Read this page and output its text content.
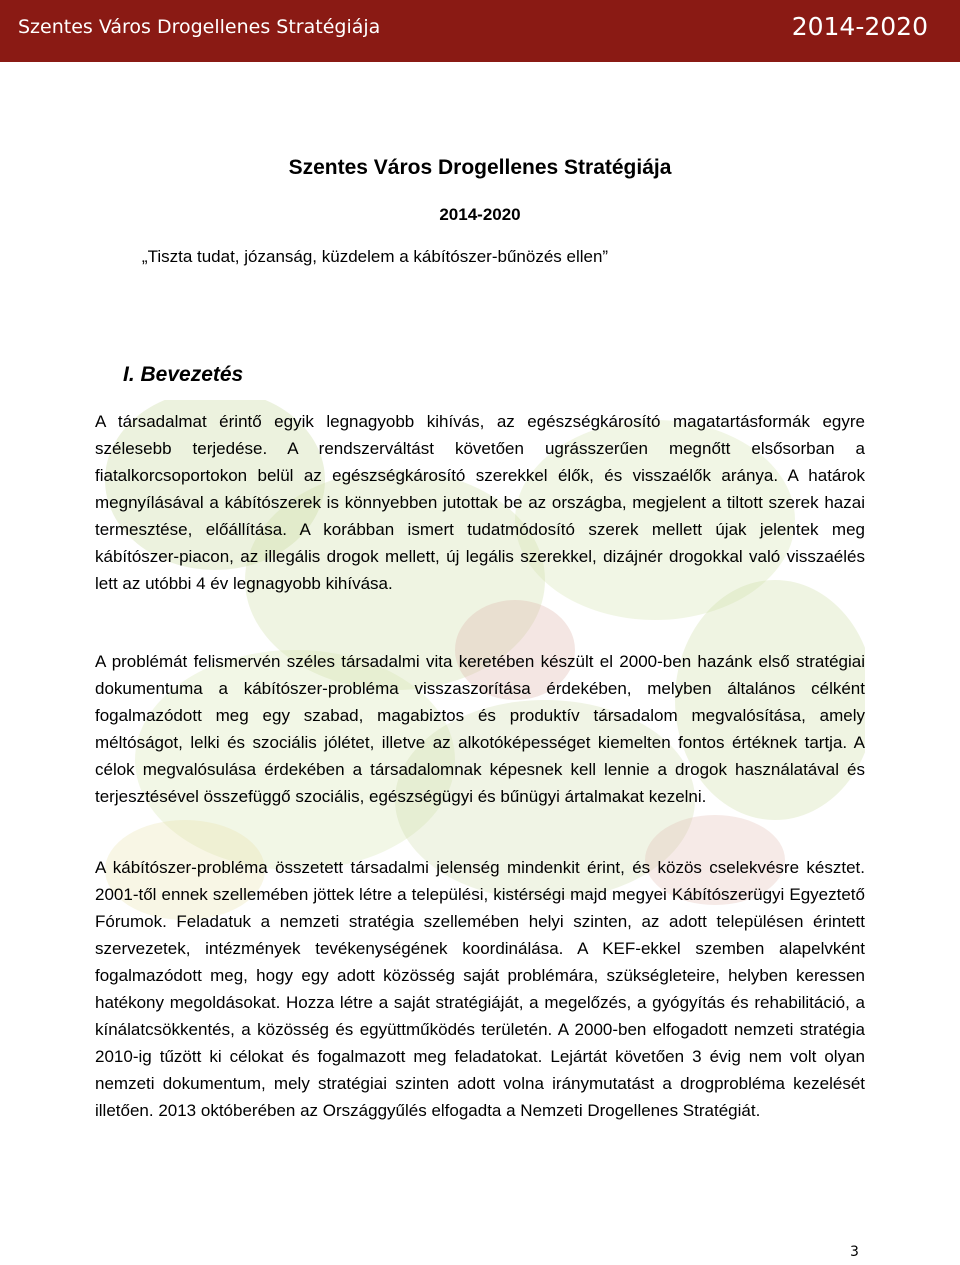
Szentes Város Drogellenes Stratégiája	2014-2020
Szentes Város Drogellenes Stratégiája

2014-2020

„Tiszta tudat, józanság, küzdelem a kábítószer-bűnözés ellen”

I. Bevezetés

A társadalmat érintő egyik legnagyobb kihívás, az egészségkárosító magatartásformák egyre szélesebb terjedése. A rendszerváltást követően ugrásszerűen megnőtt elsősorban a fiatalkorcsoportokon belül az egészségkárosító szerekkel élők, és visszaélők aránya. A határok megnyílásával a kábítószerek is könnyebben jutottak be az országba, megjelent a tiltott szerek hazai termesztése, előállítása. A korábban ismert tudatmódosító szerek mellett újak jelentek meg kábítószer-piacon, az illegális drogok mellett, új legális szerekkel, dizájnér drogokkal való visszaélés lett az utóbbi 4 év legnagyobb kihívása.

A problémát felismervén széles társadalmi vita keretében készült el 2000-ben hazánk első stratégiai dokumentuma a kábítószer-probléma visszaszorítása érdekében, melyben általános célként fogalmazódott meg egy szabad, magabiztos és produktív társadalom megvalósítása, amely méltóságot, lelki és szociális jólétet, illetve az alkotóképességet kiemelten fontos értéknek tartja. A célok megvalósulása érdekében a társadalomnak képesnek kell lennie a drogok használatával és terjesztésével összefüggő szociális, egészségügyi és bűnügyi ártalmakat kezelni.

A kábítószer-probléma összetett társadalmi jelenség mindenkit érint, és közös cselekvésre késztet. 2001-től ennek szellemében jöttek létre a települési, kistérségi majd megyei Kábítószerügyi Egyeztető Fórumok. Feladatuk a nemzeti stratégia szellemében helyi szinten, az adott településen érintett szervezetek, intézmények tevékenységének koordinálása. A KEF-ekkel szemben alapelvként fogalmazódott meg, hogy egy adott közösség saját problémára, szükségleteire, helyben keressen hatékony megoldásokat. Hozza létre a saját stratégiáját, a megelőzés, a gyógyítás és rehabilitáció, a kínálatcsökkentés, a közösség és együttműködés területén. A 2000-ben elfogadott nemzeti stratégia 2010-ig tűzött ki célokat és fogalmazott meg feladatokat. Lejártát követően 3 évig nem volt olyan nemzeti dokumentum, mely stratégiai szinten adott volna iránymutatást a drogprobléma kezelését illetően. 2013 októberében az Országgyűlés elfogadta a Nemzeti Drogellenes Stratégiát.

3
